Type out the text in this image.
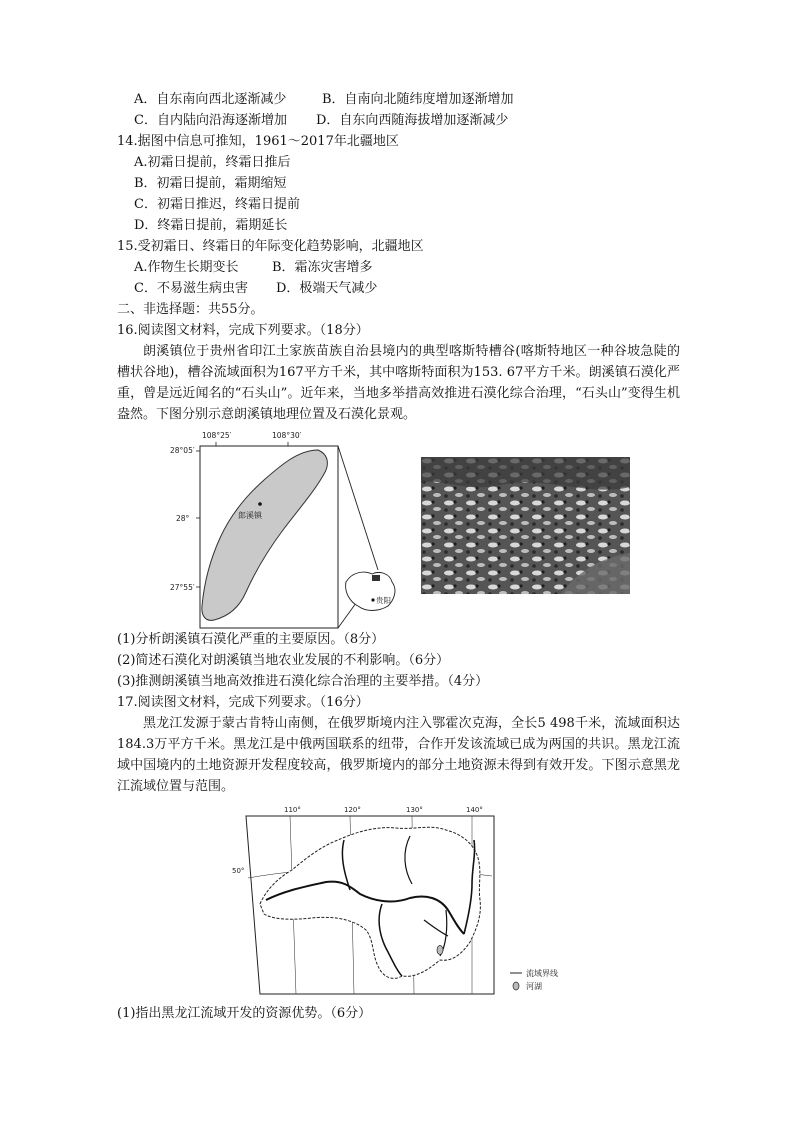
A．自东南向西北逐渐减少	B．自南向北随纬度增加逐渐增加
C．自内陆向沿海逐渐增加 D．自东向西随海拔增加逐渐减少
14.据图中信息可推知，1961～2017年北疆地区
A.初霜日提前，终霜日推后
B．初霜日提前，霜期缩短
C．初霜日推迟，终霜日提前
D．终霜日提前，霜期延长
15.受初霜日、终霜日的年际变化趋势影响，北疆地区
A.作物生长期变长	B．霜冻灾害增多
C．不易滋生病虫害 D．极端天气减少
二、非选择题：共55分。
16.阅读图文材料，完成下列要求。（18分）
朗溪镇位于贵州省印江土家族苗族自治县境内的典型喀斯特槽谷(喀斯特地区一种谷坡急陡的槽状谷地)，槽谷流域面积为167平方千米，其中喀斯特面积为153. 67平方千米。朗溪镇石漠化严重，曾是远近闻名的“石头山”。近年来，当地多举措高效推进石漠化综合治理，“石头山”变得生机盎然。下图分别示意朗溪镇地理位置及石漠化景观。
郎溪镇
108°25′	108°30′
28°05′
28°
27°55′
贵阳
(1)分析朗溪镇石漠化严重的主要原因。（8分）
(2)简述石漠化对朗溪镇当地农业发展的不利影响。（6分）
(3)推测朗溪镇当地高效推进石漠化综合治理的主要举措。（4分）
17.阅读图文材料，完成下列要求。（16分）
黑龙江发源于蒙古肯特山南侧，在俄罗斯境内注入鄂霍次克海，全长5 498千米，流域面积达184.3万平方千米。黑龙江是中俄两国联系的纽带，合作开发该流域已成为两国的共识。黑龙江流域中国境内的土地资源开发程度较高，俄罗斯境内的部分土地资源未得到有效开发。下图示意黑龙江流域位置与范围。
110°	120°	130°	140°
50°
流域界线
河湖
(1)指出黑龙江流域开发的资源优势。（6分）
